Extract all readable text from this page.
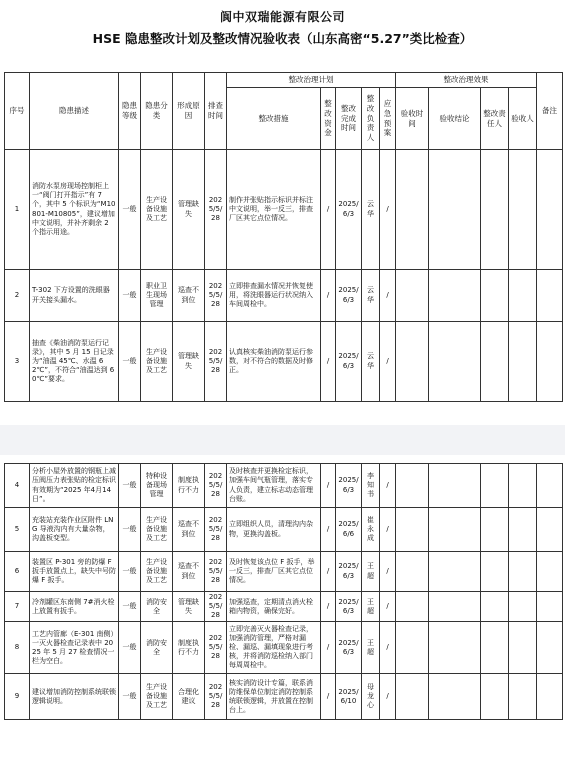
阆中双瑞能源有限公司
HSE 隐患整改计划及整改情况验收表（山东高密“5.27”类比检查）
序号	隐患描述	隐患等级	隐患分类	形成原因	排查时间	整改治理计划					整改治理效果				备注
						整改措施	整改资金	整改完成时间	整改负责人	应急预案	验收时间	验收结论	整改责任人	验收人	
1	消防水泵房现场控制柜上一“阀门打开指示”有 7 个，其中 5 个标识为“M10801-M10805”，建议增加中文说明，并补齐剩余 2 个指示用途。	一般	生产设备设施及工艺	管理缺失	2025/5/28	制作并张贴指示标识并标注中文说明，举一反三，排查厂区其它点位情况。	/	2025/6/3	云华	/					
2	T-302 下方设置的洗眼器开关接头漏水。	一般	职业卫生现场管理	巡查不到位	2025/5/28	立即排查漏水情况并恢复使用，将洗眼器运行状况纳入车间周检中。	/	2025/6/3	云华	/					
3	抽查《柴油消防泵运行记录》，其中 5 月 15 日记录为“油温 45℃、水温 62℃”，不符合“油温达到 60℃”要求。	一般	生产设备设施及工艺	管理缺失	2025/5/28	认真核实柴油消防泵运行参数，对不符合的数据及时修正。	/	2025/6/3	云华	/					
4	分析小屋外放置的钢瓶上减压阀压力表张贴的检定标识有效期为“2025 年4月14日”。	一般	特种设备现场管理	制度执行不力	2025/5/28	及时核查并更换检定标识，加强车间气瓶管理，落实专人负责，建立标志动态管理台账。	/	2025/6/3	李知书	/					
5	充装站充装作业区附件 LNG 导液沟内有大量杂物，沟盖板变型。	一般	生产设备设施及工艺	巡查不到位	2025/5/28	立即组织人员，清理沟内杂物，更换沟盖板。	/	2025/6/6	崔永成	/					
6	装置区 P-301 旁的防爆 F 扳手放置点上，缺失中号防爆 F 扳手。	一般	生产设备设施及工艺	巡查不到位	2025/5/28	及时恢复该点位 F 扳手，举一反三，排查厂区其它点位情况。	/	2025/6/3	王超	/					
7	冷剂罐区东南侧 7#消火栓上放置有扳手。	一般	消防安全	管理缺失	2025/5/28	加强巡查，定期清点消火栓箱内物资，确保完好。	/	2025/6/3	王超	/					
8	工艺内管廊（E-301 南侧）一灭火器检查记录表中 2025 年 5 月 27 检查情况一栏为空白。	一般	消防安全	制度执行不力	2025/5/28	立即完善灭火器检查记录，加强消防管理，严格对漏检、漏巡、漏填现象进行考核，并将消防巡检纳入部门每周周检中。	/	2025/6/3	王超	/					
9	建议增加消防控制系统联锁逻辑说明。	一般	生产设备设施及工艺	合理化建议	2025/5/28	核实消防设计专篇，联系消防维保单位制定消防控制系统联锁逻辑，并放置在控制台上。	/	2025/6/10	母龙心	/					
